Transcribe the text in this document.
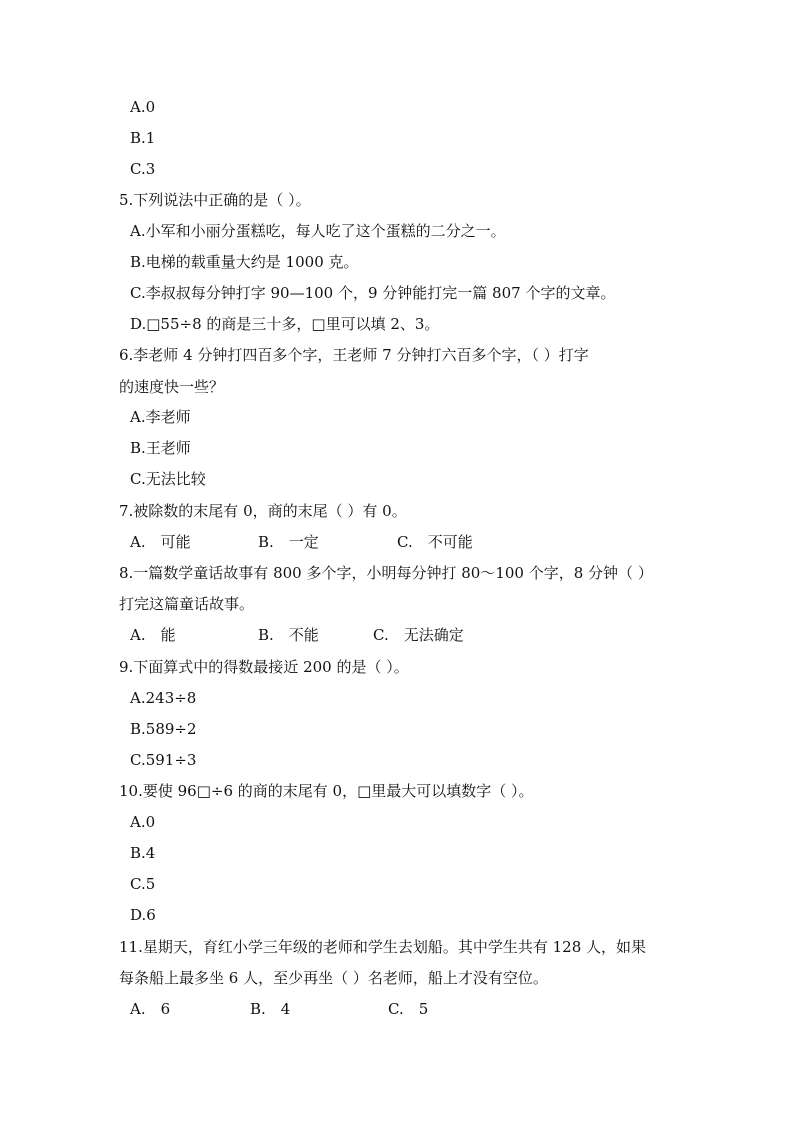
A.0
B.1
C.3
5.下列说法中正确的是（ ）。
A.小军和小丽分蛋糕吃，每人吃了这个蛋糕的二分之一。
B.电梯的载重量大约是 1000 克。
C.李叔叔每分钟打字 90—100 个，9 分钟能打完一篇 807 个字的文章。
D.□55÷8 的商是三十多，□里可以填 2、3。
6.李老师 4 分钟打四百多个字，王老师 7 分钟打六百多个字，（ ）打字
的速度快一些？
A.李老师
B.王老师
C.无法比较
7.被除数的末尾有 0，商的末尾（ ）有 0。
A.　可能	B.　一定	C.　不可能
8.一篇数学童话故事有 800 多个字，小明每分钟打 80～100 个字，8 分钟（ ）
打完这篇童话故事。
A.　能	B.　不能	C.　无法确定
9.下面算式中的得数最接近 200 的是（ ）。
A.243÷8
B.589÷2
C.591÷3
10.要使 96□÷6 的商的末尾有 0，□里最大可以填数字（ ）。
A.0
B.4
C.5
D.6
11.星期天，育红小学三年级的老师和学生去划船。其中学生共有 128 人，如果
每条船上最多坐 6 人，至少再坐（ ）名老师，船上才没有空位。
A.　6	B.　4	C.　5
